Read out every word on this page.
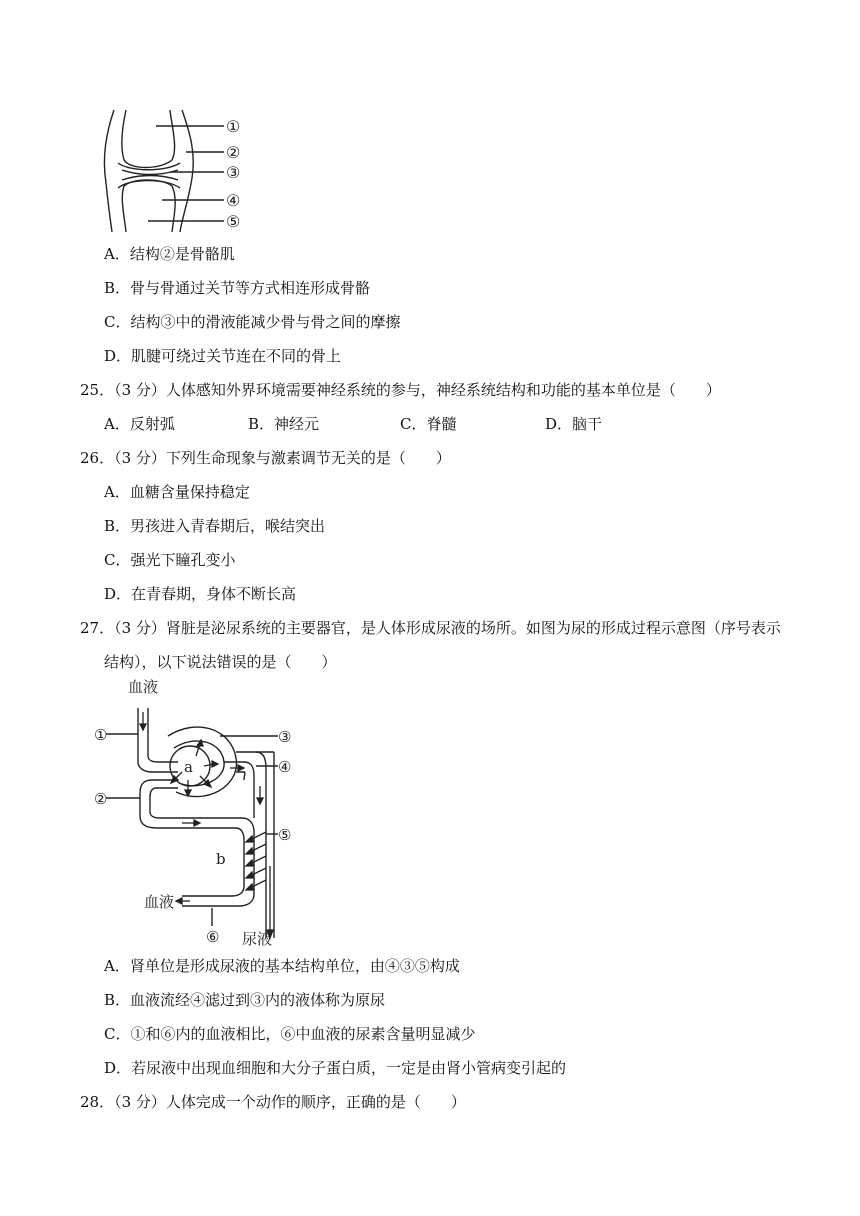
①
②
③
④
⑤
A．结构②是骨骼肌
B．骨与骨通过关节等方式相连形成骨骼
C．结构③中的滑液能减少骨与骨之间的摩擦
D．肌腱可绕过关节连在不同的骨上
25．（3 分）人体感知外界环境需要神经系统的参与，神经系统结构和功能的基本单位是（　　）
A．反射弧	B．神经元	C．脊髓	D．脑干
26．（3 分）下列生命现象与激素调节无关的是（　　）
A．血糖含量保持稳定
B．男孩进入青春期后，喉结突出
C．强光下瞳孔变小
D．在青春期，身体不断长高
27．（3 分）肾脏是泌尿系统的主要器官，是人体形成尿液的场所。如图为尿的形成过程示意图（序号表示
结构），以下说法错误的是（　　）
血液
①	③
a	④
②
⑤
b
血液
⑥ 尿液
A．肾单位是形成尿液的基本结构单位，由④③⑤构成
B．血液流经④滤过到③内的液体称为原尿
C．①和⑥内的血液相比，⑥中血液的尿素含量明显减少
D．若尿液中出现血细胞和大分子蛋白质，一定是由肾小管病变引起的
28．（3 分）人体完成一个动作的顺序，正确的是（　　）
